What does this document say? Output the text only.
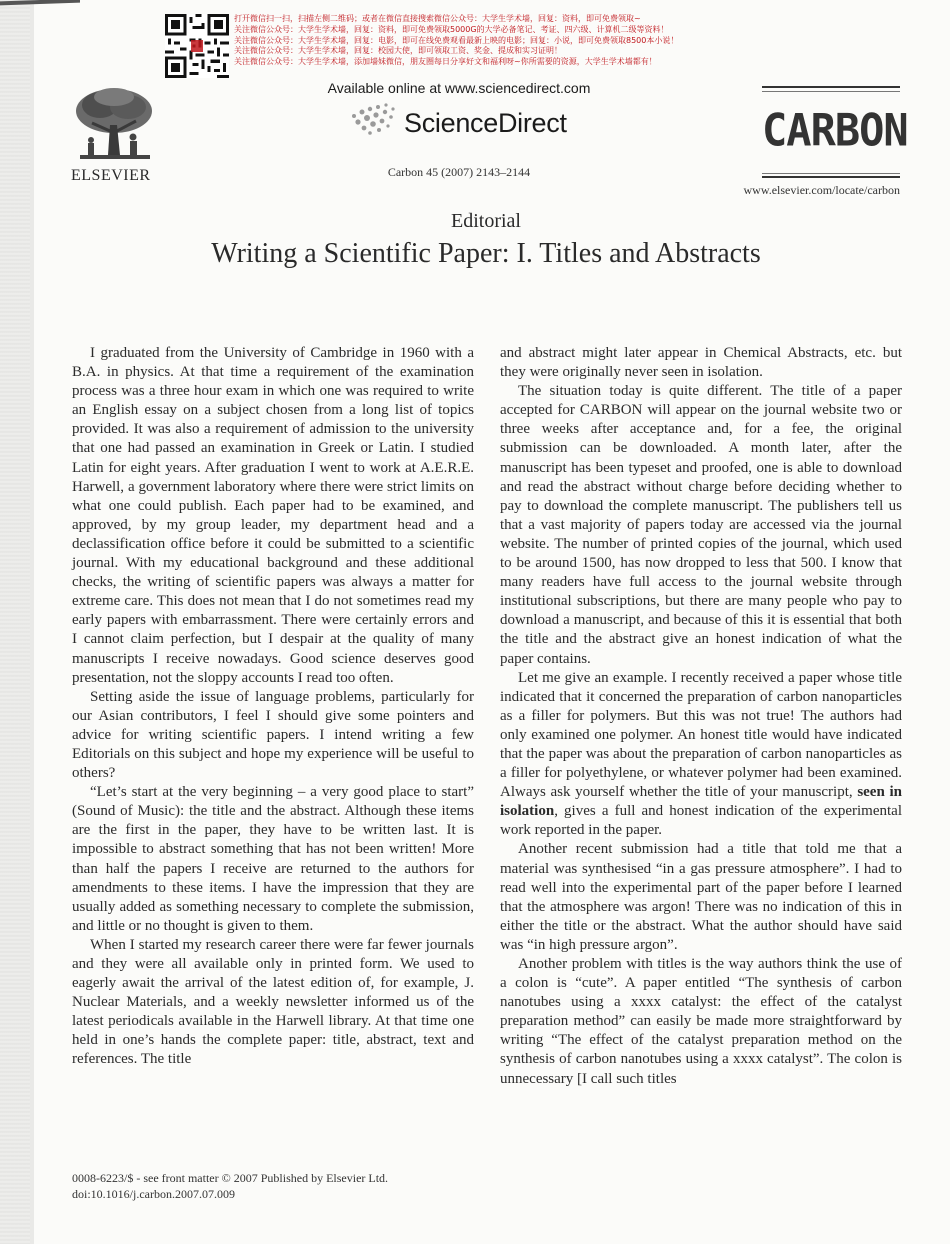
打开微信扫一扫，扫描左侧二维码；或者在微信直接搜索微信公众号：大学生学术墙，回复：资料，即可免费领取~
关注微信公众号：大学生学术墙，回复：资料，即可免费领取5000G的大学必备笔记、考证、四六级、计算机二级等资料！
关注微信公众号：大学生学术墙，回复：电影，即可在线免费观看最新上映的电影；回复：小说，即可免费领取8500本小说！
关注微信公众号：大学生学术墙，回复：校园大使，即可领取工资、奖金、提成和实习证明！
关注微信公众号：大学生学术墙，添加墙妹微信，朋友圈每日分享好文和福利呀~你所需要的资源，大学生学术墙都有！
Available online at www.sciencedirect.com
ScienceDirect
Carbon 45 (2007) 2143–2144
ELSEVIER
CARBON
www.elsevier.com/locate/carbon
Editorial
Writing a Scientific Paper: I. Titles and Abstracts

I graduated from the University of Cambridge in 1960 with a B.A. in physics. At that time a requirement of the examination process was a three hour exam in which one was required to write an English essay on a subject chosen from a long list of topics provided. It was also a requirement of admission to the university that one had passed an examination in Greek or Latin. I studied Latin for eight years. After graduation I went to work at A.E.R.E. Harwell, a government laboratory where there were strict limits on what one could publish. Each paper had to be examined, and approved, by my group leader, my department head and a declassification office before it could be submitted to a scientific journal. With my educational background and these additional checks, the writing of scientific papers was always a matter for extreme care. This does not mean that I do not sometimes read my early papers with embarrassment. There were certainly errors and I cannot claim perfection, but I despair at the quality of many manuscripts I receive nowadays. Good science deserves good presentation, not the sloppy accounts I read too often.

Setting aside the issue of language problems, particularly for our Asian contributors, I feel I should give some pointers and advice for writing scientific papers. I intend writing a few Editorials on this subject and hope my experience will be useful to others?

“Let’s start at the very beginning – a very good place to start” (Sound of Music): the title and the abstract. Although these items are the first in the paper, they have to be written last. It is impossible to abstract something that has not been written! More than half the papers I receive are returned to the authors for amendments to these items. I have the impression that they are usually added as something necessary to complete the submission, and little or no thought is given to them.

When I started my research career there were far fewer journals and they were all available only in printed form. We used to eagerly await the arrival of the latest edition of, for example, J. Nuclear Materials, and a weekly newsletter informed us of the latest periodicals available in the Harwell library. At that time one held in one’s hands the complete paper: title, abstract, text and references. The title

and abstract might later appear in Chemical Abstracts, etc. but they were originally never seen in isolation.

The situation today is quite different. The title of a paper accepted for CARBON will appear on the journal website two or three weeks after acceptance and, for a fee, the original submission can be downloaded. A month later, after the manuscript has been typeset and proofed, one is able to download and read the abstract without charge before deciding whether to pay to download the complete manuscript. The publishers tell us that a vast majority of papers today are accessed via the journal website. The number of printed copies of the journal, which used to be around 1500, has now dropped to less that 500. I know that many readers have full access to the journal website through institutional subscriptions, but there are many people who pay to download a manuscript, and because of this it is essential that both the title and the abstract give an honest indication of what the paper contains.

Let me give an example. I recently received a paper whose title indicated that it concerned the preparation of carbon nanoparticles as a filler for polymers. But this was not true! The authors had only examined one polymer. An honest title would have indicated that the paper was about the preparation of carbon nanoparticles as a filler for polyethylene, or whatever polymer had been examined. Always ask yourself whether the title of your manuscript, seen in isolation, gives a full and honest indication of the experimental work reported in the paper.

Another recent submission had a title that told me that a material was synthesised “in a gas pressure atmosphere”. I had to read well into the experimental part of the paper before I learned that the atmosphere was argon! There was no indication of this in either the title or the abstract. What the author should have said was “in high pressure argon”.

Another problem with titles is the way authors think the use of a colon is “cute”. A paper entitled “The synthesis of carbon nanotubes using a xxxx catalyst: the effect of the catalyst preparation method” can easily be made more straightforward by writing “The effect of the catalyst preparation method on the synthesis of carbon nanotubes using a xxxx catalyst”. The colon is unnecessary [I call such titles

0008-6223/$ - see front matter © 2007 Published by Elsevier Ltd.
doi:10.1016/j.carbon.2007.07.009
